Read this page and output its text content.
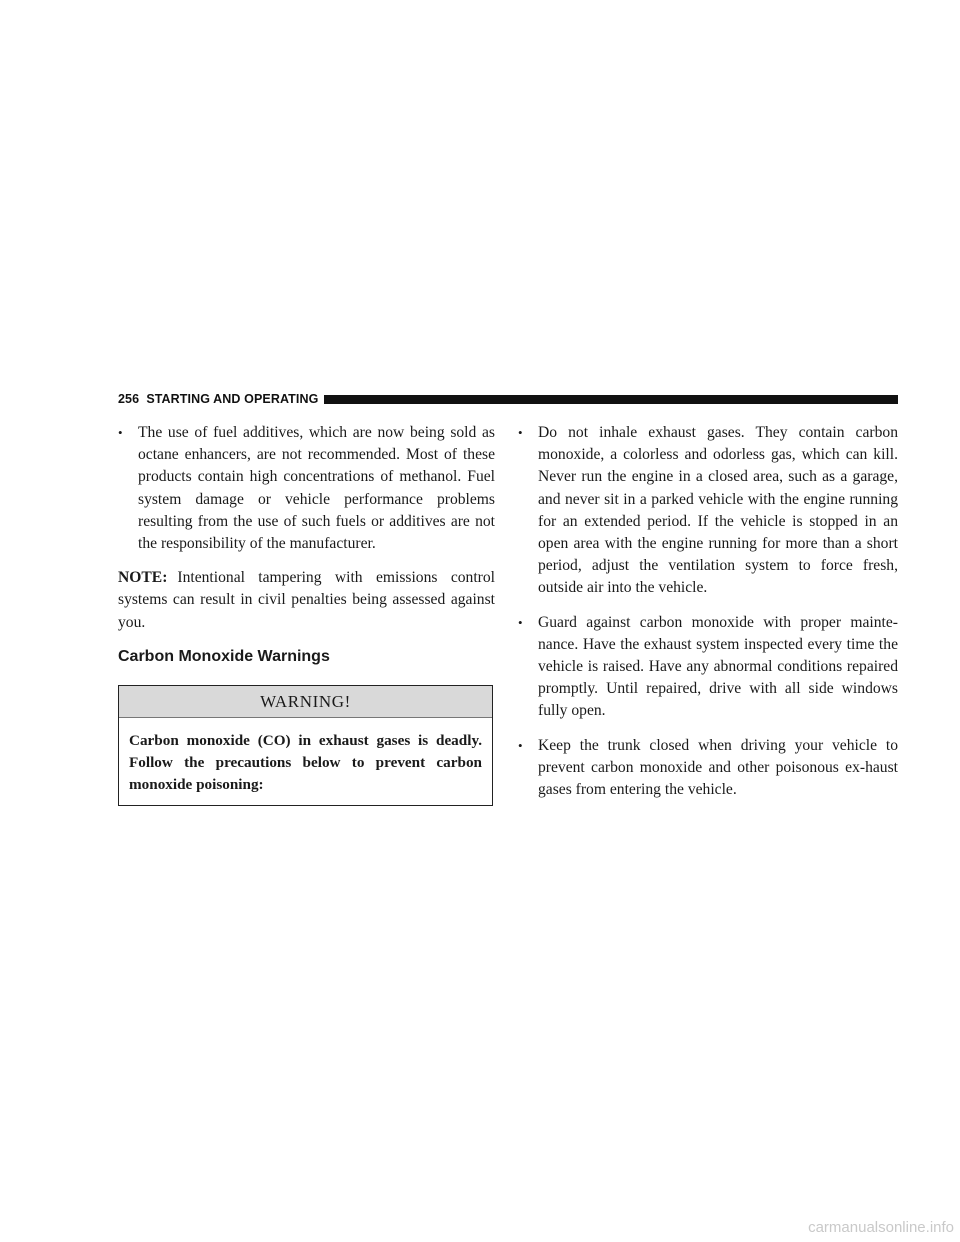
256 STARTING AND OPERATING
• The use of fuel additives, which are now being sold as octane enhancers, are not recommended. Most of these products contain high concentrations of methanol. Fuel system damage or vehicle performance problems resulting from the use of such fuels or additives are not the responsibility of the manufacturer.
NOTE: Intentional tampering with emissions control systems can result in civil penalties being assessed against you.
Carbon Monoxide Warnings
WARNING!
Carbon monoxide (CO) in exhaust gases is deadly. Follow the precautions below to prevent carbon monoxide poisoning:
• Do not inhale exhaust gases. They contain carbon monoxide, a colorless and odorless gas, which can kill. Never run the engine in a closed area, such as a garage, and never sit in a parked vehicle with the engine running for an extended period. If the vehicle is stopped in an open area with the engine running for more than a short period, adjust the ventilation system to force fresh, outside air into the vehicle.
• Guard against carbon monoxide with proper mainte-nance. Have the exhaust system inspected every time the vehicle is raised. Have any abnormal conditions repaired promptly. Until repaired, drive with all side windows fully open.
• Keep the trunk closed when driving your vehicle to prevent carbon monoxide and other poisonous ex-haust gases from entering the vehicle.
carmanualsonline.info
